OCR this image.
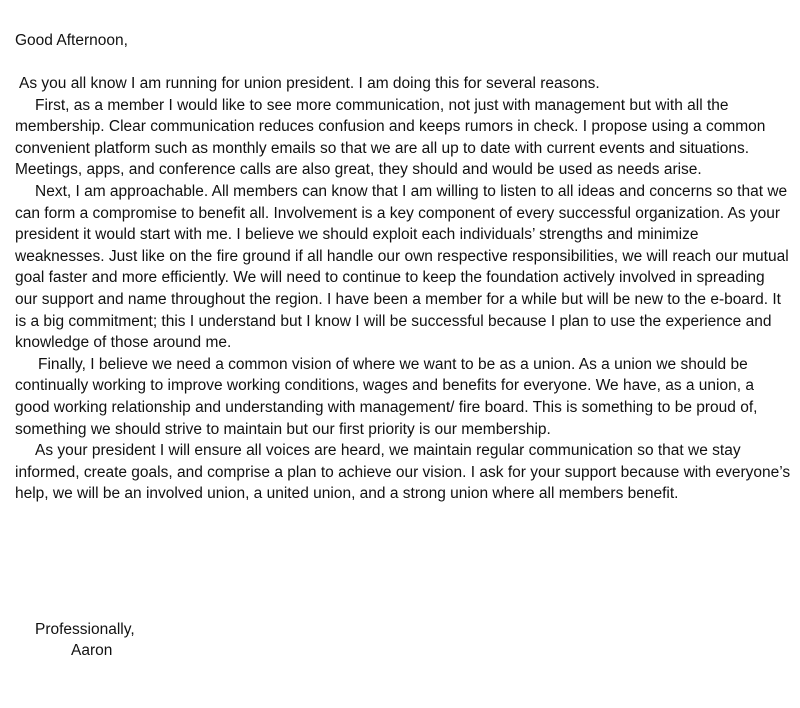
Good Afternoon,

As you all know I am running for union president. I am doing this for several reasons.

First, as a member I would like to see more communication, not just with management but with all the membership. Clear communication reduces confusion and keeps rumors in check. I propose using a common convenient platform such as monthly emails so that we are all up to date with current events and situations. Meetings, apps, and conference calls are also great, they should and would be used as needs arise.

Next, I am approachable. All members can know that I am willing to listen to all ideas and concerns so that we can form a compromise to benefit all. Involvement is a key component of every successful organization. As your president it would start with me. I believe we should exploit each individuals’ strengths and minimize weaknesses. Just like on the fire ground if all handle our own respective responsibilities, we will reach our mutual goal faster and more efficiently. We will need to continue to keep the foundation actively involved in spreading our support and name throughout the region. I have been a member for a while but will be new to the e-board. It is a big commitment; this I understand but I know I will be successful because I plan to use the experience and knowledge of those around me.

Finally, I believe we need a common vision of where we want to be as a union. As a union we should be continually working to improve working conditions, wages and benefits for everyone. We have, as a union, a good working relationship and understanding with management/ fire board. This is something to be proud of, something we should strive to maintain but our first priority is our membership.

As your president I will ensure all voices are heard, we maintain regular communication so that we stay informed, create goals, and comprise a plan to achieve our vision. I ask for your support because with everyone’s help, we will be an involved union, a united union, and a strong union where all members benefit.

Professionally,

Aaron
